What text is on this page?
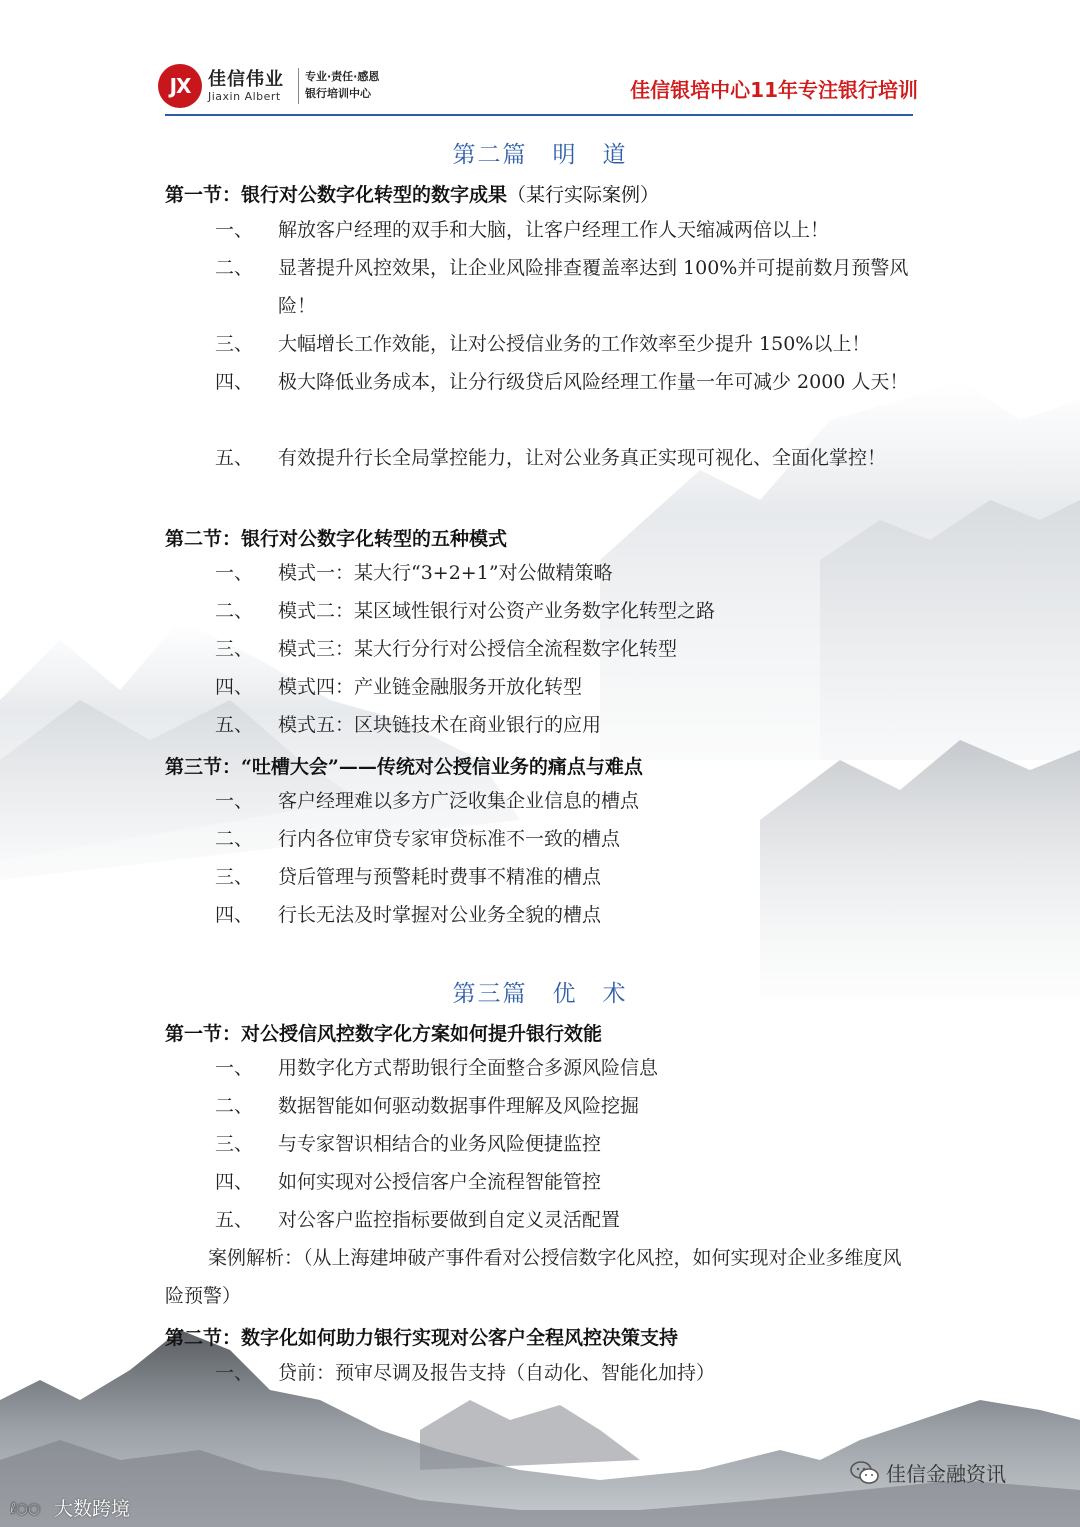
JX 佳信伟业
Jiaxin Albert
专业·责任·感恩
银行培训中心	佳信银培中心11年专注银行培训
第二篇　明　道
第一节：银行对公数字化转型的数字成果（某行实际案例）
一、	解放客户经理的双手和大脑，让客户经理工作人天缩减两倍以上！
二、	显著提升风控效果，让企业风险排查覆盖率达到 100%并可提前数月预警风险！
三、	大幅增长工作效能，让对公授信业务的工作效率至少提升 150%以上！
四、	极大降低业务成本，让分行级贷后风险经理工作量一年可减少 2000 人天！
五、	有效提升行长全局掌控能力，让对公业务真正实现可视化、全面化掌控！
第二节：银行对公数字化转型的五种模式
一、	模式一：某大行“3+2+1”对公做精策略
二、	模式二：某区域性银行对公资产业务数字化转型之路
三、	模式三：某大行分行对公授信全流程数字化转型
四、	模式四：产业链金融服务开放化转型
五、	模式五：区块链技术在商业银行的应用
第三节：“吐槽大会”——传统对公授信业务的痛点与难点
一、	客户经理难以多方广泛收集企业信息的槽点
二、	行内各位审贷专家审贷标准不一致的槽点
三、	贷后管理与预警耗时费事不精准的槽点
四、	行长无法及时掌握对公业务全貌的槽点
第三篇　优　术
第一节：对公授信风控数字化方案如何提升银行效能
一、	用数字化方式帮助银行全面整合多源风险信息
二、	数据智能如何驱动数据事件理解及风险挖掘
三、	与专家智识相结合的业务风险便捷监控
四、	如何实现对公授信客户全流程智能管控
五、	对公客户监控指标要做到自定义灵活配置
案例解析：（从上海建坤破产事件看对公授信数字化风控，如何实现对企业多维度风险预警）
第二节：数字化如何助力银行实现对公客户全程风控决策支持
一、	贷前：预审尽调及报告支持（自动化、智能化加持）
ℓ○○ 大数跨境
佳信金融资讯
